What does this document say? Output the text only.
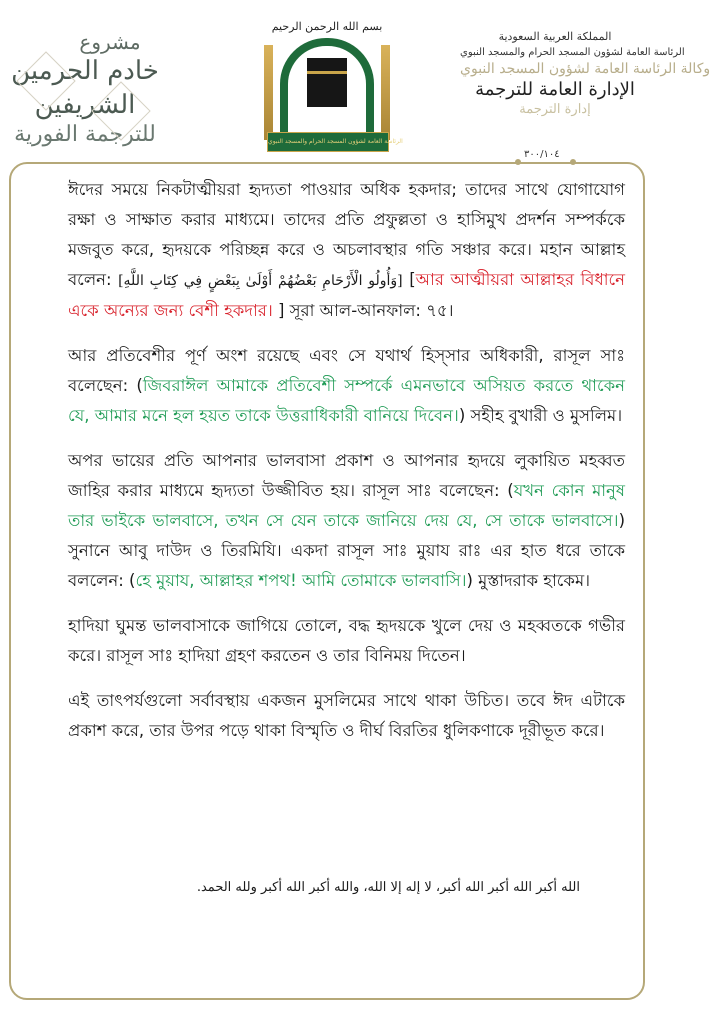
مشروع
خادم الحرمين الشريفين
للترجمة الفورية
بسم الله الرحمن الرحيم
الرئاسة العامة لشؤون المسجد الحرام والمسجد النبوي
المملكة العربية السعودية
الرئاسة العامة لشؤون المسجد الحرام والمسجد النبوي
وكالة الرئاسة العامة لشؤون المسجد النبوي
الإدارة العامة للترجمة
إدارة الترجمة
٣٠٠/١٠٤

ঈদের সময়ে নিকটাত্মীয়রা হৃদ্যতা পাওয়ার অধিক হকদার; তাদের সাথে যোগাযোগ রক্ষা ও সাক্ষাত করার মাধ্যমে। তাদের প্রতি প্রফুল্লতা ও হাসিমুখ প্রদর্শন সম্পর্ককে মজবুত করে, হৃদয়কে পরিচ্ছন্ন করে ও অচলাবস্থার গতি সঞ্চার করে। মহান আল্লাহ বলেন: [وَأُولُو الْأَرْحَامِ بَعْضُهُمْ أَوْلَىٰ بِبَعْضٍ فِي كِتَابِ اللَّهِ] [আর আত্মীয়রা আল্লাহর বিধানে একে অন্যের জন্য বেশী হকদার। ] সূরা আল-আনফাল: ৭৫।

আর প্রতিবেশীর পূর্ণ অংশ রয়েছে এবং সে যথার্থ হিস্সার অধিকারী, রাসূল সাঃ বলেছেন: (জিবরাঈল আমাকে প্রতিবেশী সম্পর্কে এমনভাবে অসিয়ত করতে থাকেন যে, আমার মনে হল হয়ত তাকে উত্তরাধিকারী বানিয়ে দিবেন।) সহীহ বুখারী ও মুসলিম।

অপর ভায়ের প্রতি আপনার ভালবাসা প্রকাশ ও আপনার হৃদয়ে লুকায়িত মহব্বত জাহির করার মাধ্যমে হৃদ্যতা উজ্জীবিত হয়। রাসূল সাঃ বলেছেন: (যখন কোন মানুষ তার ভাইকে ভালবাসে, তখন সে যেন তাকে জানিয়ে দেয় যে, সে তাকে ভালবাসে।) সুনানে আবু দাউদ ও তিরমিযি। একদা রাসূল সাঃ মুয়ায রাঃ এর হাত ধরে তাকে বললেন: (হে মুয়ায, আল্লাহর শপথ! আমি তোমাকে ভালবাসি।) মুস্তাদরাক হাকেম।

হাদিয়া ঘুমন্ত ভালবাসাকে জাগিয়ে তোলে, বদ্ধ হৃদয়কে খুলে দেয় ও মহব্বতকে গভীর করে। রাসূল সাঃ হাদিয়া গ্রহণ করতেন ও তার বিনিময় দিতেন।

এই তাৎপর্যগুলো সর্বাবস্থায় একজন মুসলিমের সাথে থাকা উচিত। তবে ঈদ এটাকে প্রকাশ করে, তার উপর পড়ে থাকা বিস্মৃতি ও দীর্ঘ বিরতির ধুলিকণাকে দূরীভূত করে।

الله أكبر الله أكبر الله أكبر، لا إله إلا الله، والله أكبر الله أكبر ولله الحمد.
